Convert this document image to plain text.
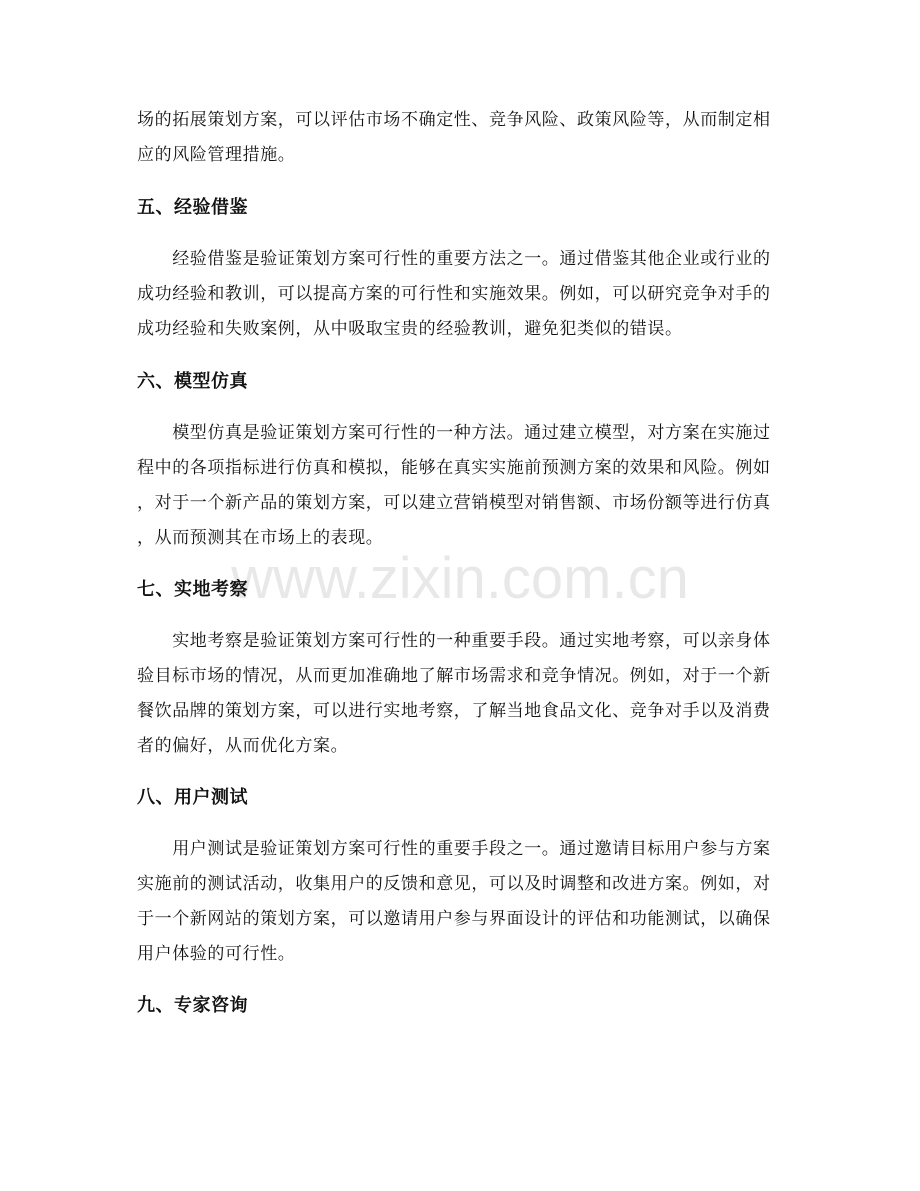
场的拓展策划方案，可以评估市场不确定性、竞争风险、政策风险等，从而制定相
应的风险管理措施。
五、经验借鉴
　　经验借鉴是验证策划方案可行性的重要方法之一。通过借鉴其他企业或行业的
成功经验和教训，可以提高方案的可行性和实施效果。例如，可以研究竞争对手的
成功经验和失败案例，从中吸取宝贵的经验教训，避免犯类似的错误。
六、模型仿真
　　模型仿真是验证策划方案可行性的一种方法。通过建立模型，对方案在实施过
程中的各项指标进行仿真和模拟，能够在真实实施前预测方案的效果和风险。例如
，对于一个新产品的策划方案，可以建立营销模型对销售额、市场份额等进行仿真
，从而预测其在市场上的表现。
七、实地考察
　　实地考察是验证策划方案可行性的一种重要手段。通过实地考察，可以亲身体
验目标市场的情况，从而更加准确地了解市场需求和竞争情况。例如，对于一个新
餐饮品牌的策划方案，可以进行实地考察，了解当地食品文化、竞争对手以及消费
者的偏好，从而优化方案。
八、用户测试
　　用户测试是验证策划方案可行性的重要手段之一。通过邀请目标用户参与方案
实施前的测试活动，收集用户的反馈和意见，可以及时调整和改进方案。例如，对
于一个新网站的策划方案，可以邀请用户参与界面设计的评估和功能测试，以确保
用户体验的可行性。
九、专家咨询
www.zixin.com.cn
